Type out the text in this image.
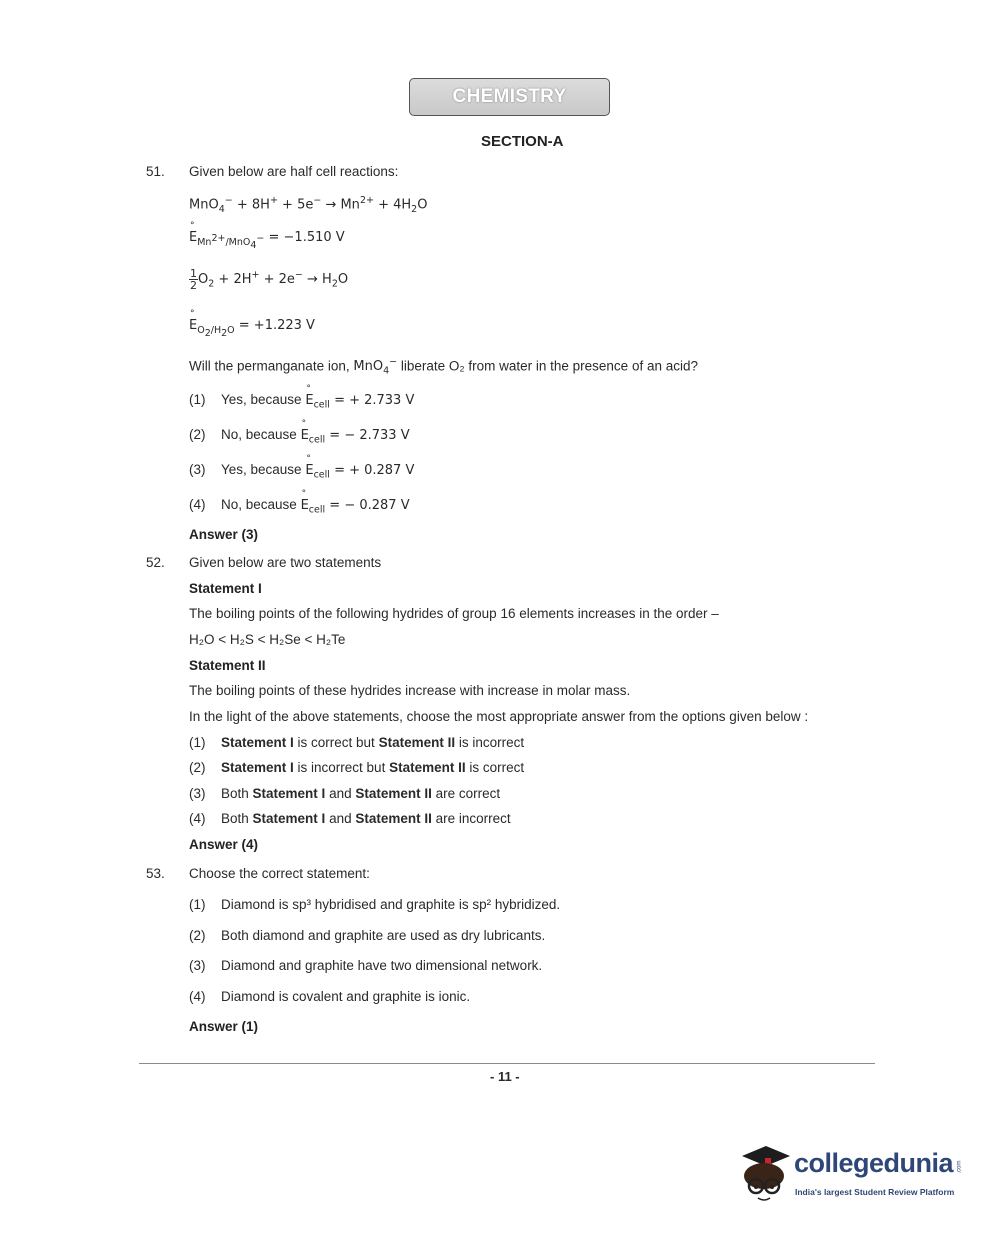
CHEMISTRY
SECTION-A
51. Given below are half cell reactions:
$MnO_4^- + 8H^+ + 5e^- \to Mn^{2+} + 4H_2O$
° $E_{Mn^{2+}/MnO_4^-} = -1.510$ V
$\frac{1}{2} O_2 + 2H^+ + 2e^- \to H_2O$
° $E_{O_2/H_2O} = +1.223$ V
Will the permanganate ion, MnO$_4$− liberate O₂ from water in the presence of an acid?
(1) Yes, because ° $E_{cell}$ = + 2.733 V
(2) No, because ° $E_{cell}$ = − 2.733 V
(3) Yes, because ° $E_{cell}$ = + 0.287 V
(4) No, because ° $E_{cell}$ = − 0.287 V
Answer (3)
52. Given below are two statements
Statement I
The boiling points of the following hydrides of group 16 elements increases in the order –
H₂O < H₂S < H₂Se < H₂Te
Statement II
The boiling points of these hydrides increase with increase in molar mass.
In the light of the above statements, choose the most appropriate answer from the options given below :
(1) Statement I is correct but Statement II is incorrect
(2) Statement I is incorrect but Statement II is correct
(3) Both Statement I and Statement II are correct
(4) Both Statement I and Statement II are incorrect
Answer (4)
53. Choose the correct statement:
(1) Diamond is sp³ hybridised and graphite is sp² hybridized.
(2) Both diamond and graphite are used as dry lubricants.
(3) Diamond and graphite have two dimensional network.
(4) Diamond is covalent and graphite is ionic.
Answer (1)
- 11 -
collegedunia .com
India's largest Student Review Platform
